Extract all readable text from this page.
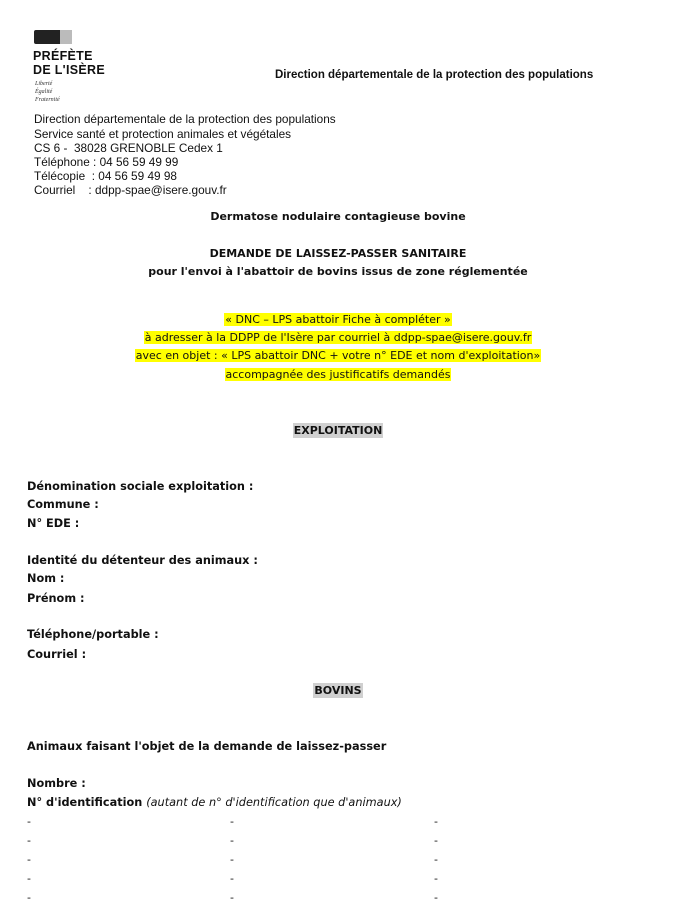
PRÉFÈTE
DE L'ISÈRE
Liberté
Égalité
Fraternité
Direction départementale de la protection des populations
Direction départementale de la protection des populations
Service santé et protection animales et végétales
CS 6 -  38028 GRENOBLE Cedex 1
Téléphone : 04 56 59 49 99
Télécopie  : 04 56 59 49 98
Courriel    : ddpp-spae@isere.gouv.fr
Dermatose nodulaire contagieuse bovine
DEMANDE DE LAISSEZ-PASSER SANITAIRE
pour l'envoi à l'abattoir de bovins issus de zone réglementée
« DNC – LPS abattoir Fiche à compléter »
à adresser à la DDPP de l'Isère par courriel à ddpp-spae@isere.gouv.fr
avec en objet : « LPS abattoir DNC + votre n° EDE et nom d'exploitation»
accompagnée des justificatifs demandés
EXPLOITATION
Dénomination sociale exploitation :
Commune :
N° EDE :
Identité du détenteur des animaux :
Nom :
Prénom :
Téléphone/portable :
Courriel :
BOVINS
Animaux faisant l'objet de la demande de laissez-passer
Nombre :
N° d'identification (autant de n° d'identification que d'animaux)
-	-	-
-	-	-
-	-	-
-	-	-
-	-	-
